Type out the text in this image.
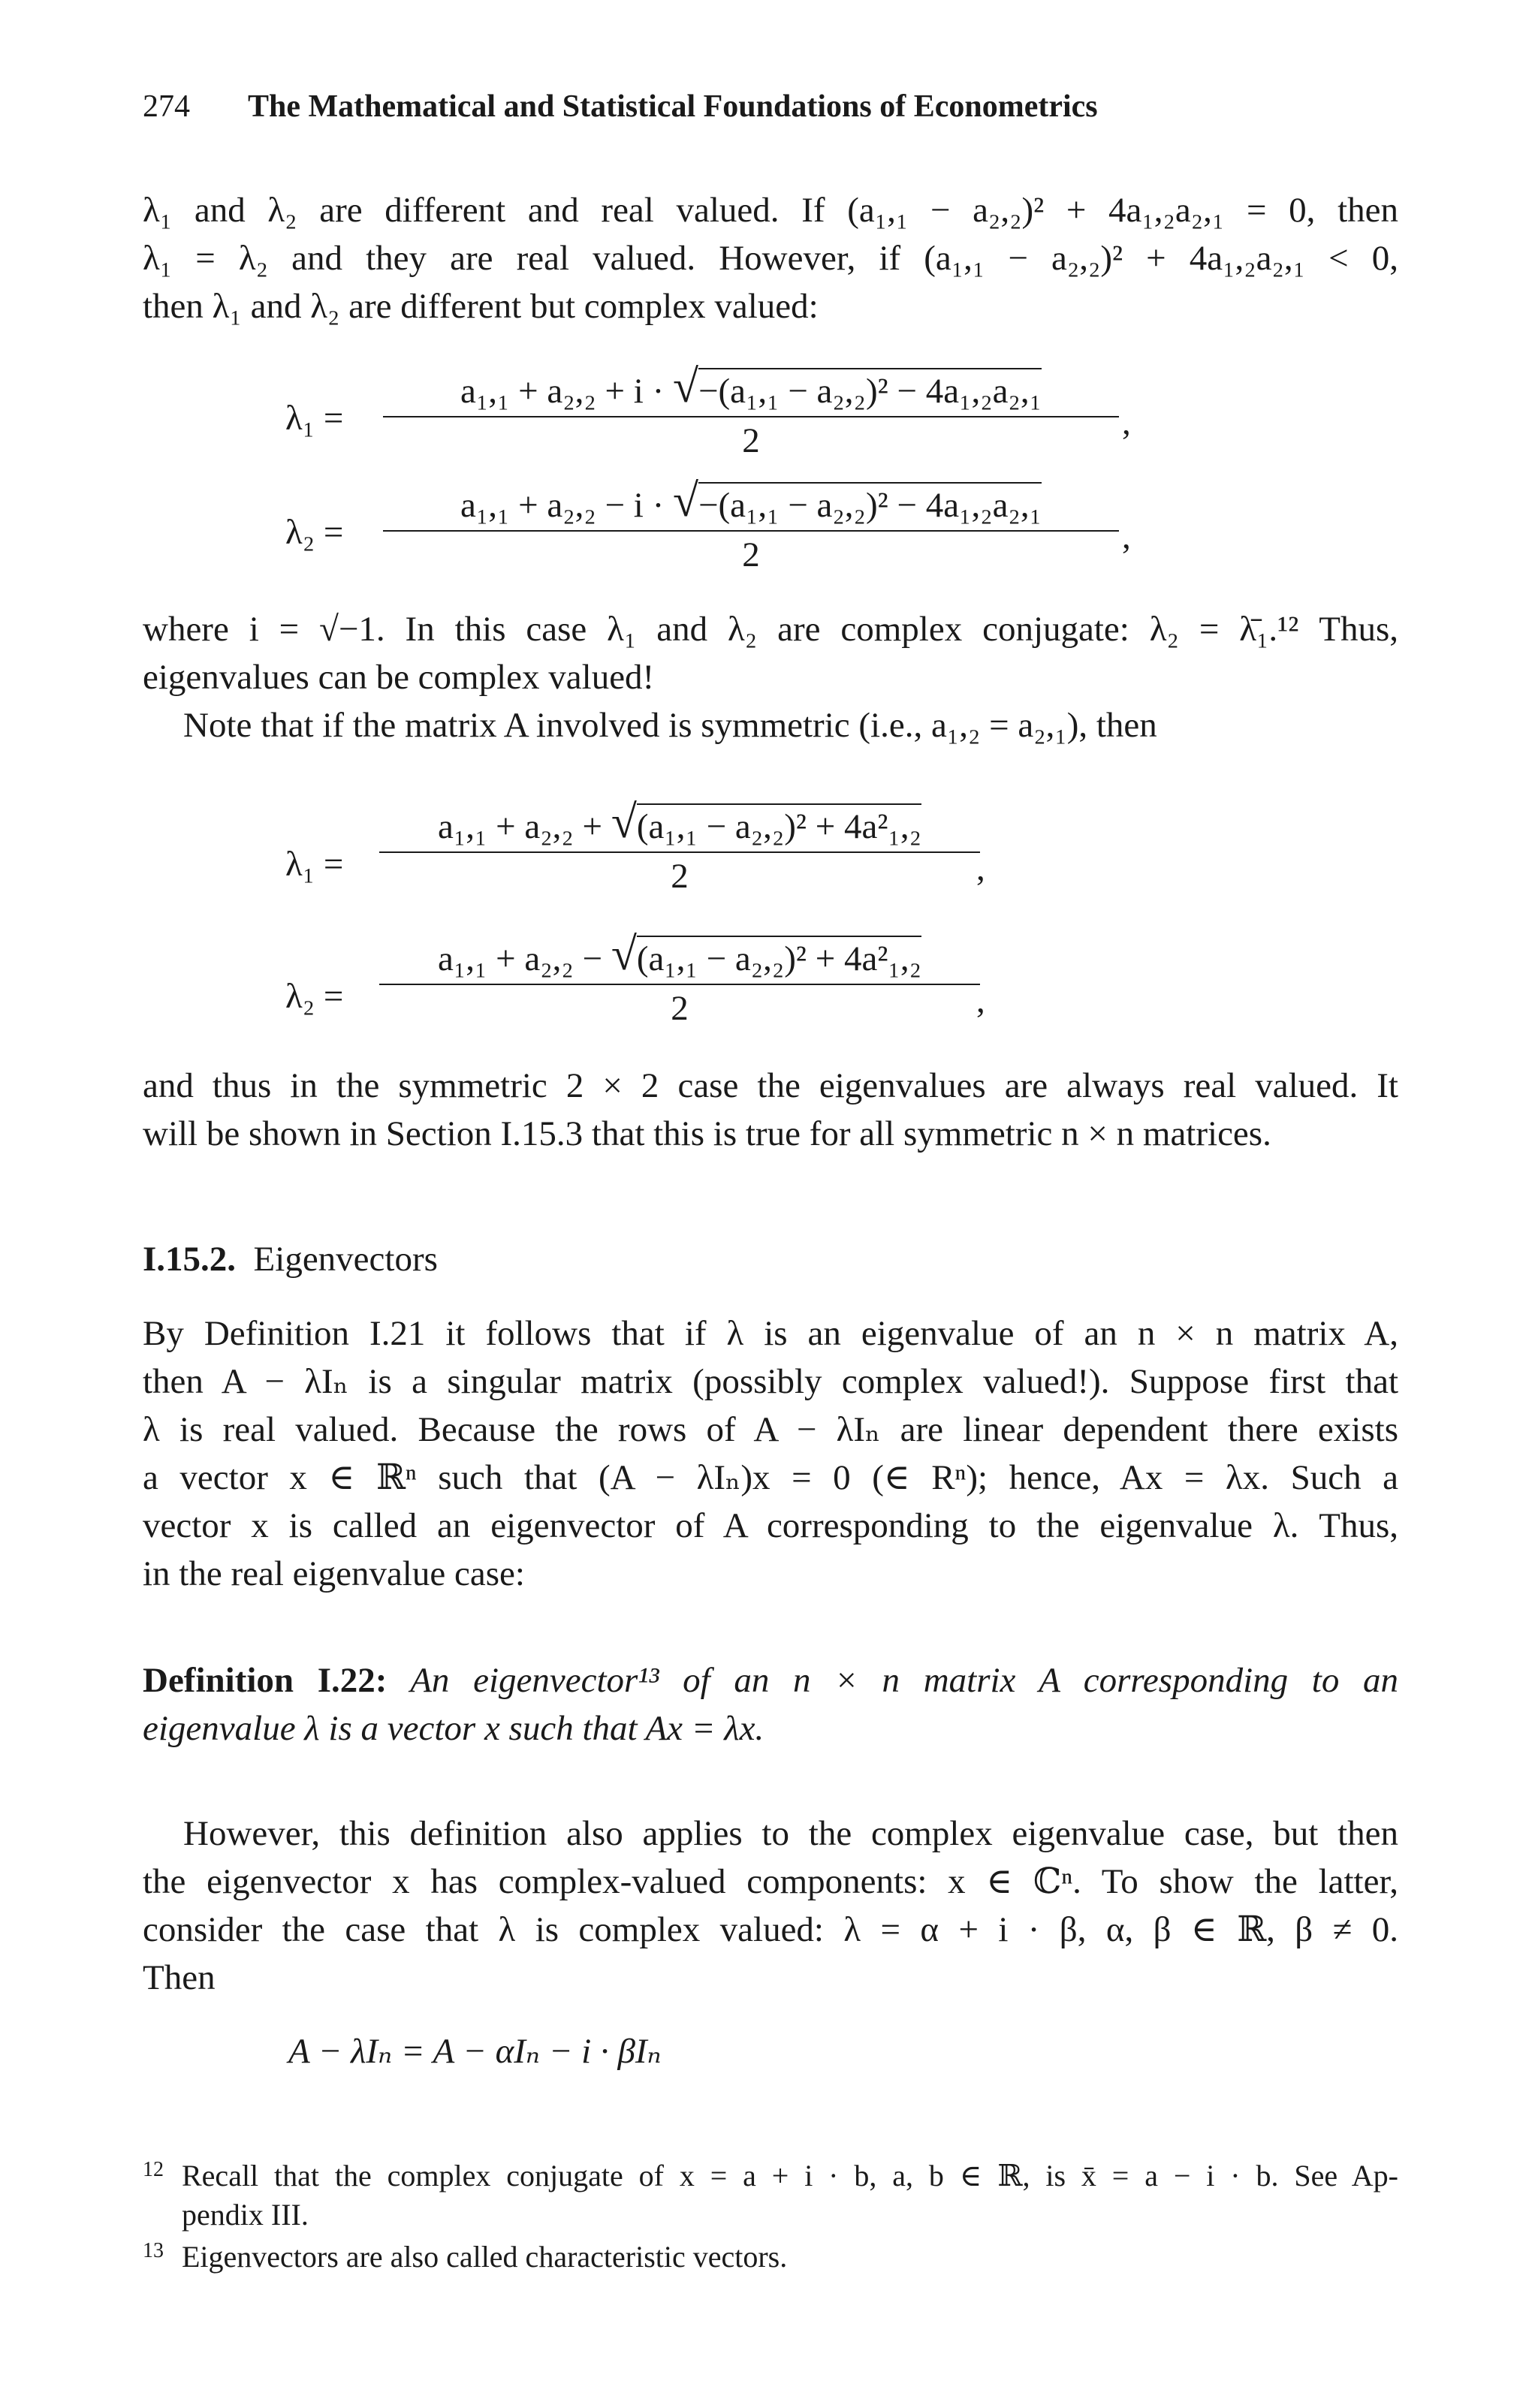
274 The Mathematical and Statistical Foundations of Econometrics
λ₁ and λ₂ are different and real valued. If (a₁,₁ − a₂,₂)² + 4a₁,₂a₂,₁ = 0, then
λ₁ = λ₂ and they are real valued. However, if (a₁,₁ − a₂,₂)² + 4a₁,₂a₂,₁ < 0,
then λ₁ and λ₂ are different but complex valued:
λ₁ =
a₁,₁ + a₂,₂ + i · √ −(a₁,₁ − a₂,₂)² − 4a₁,₂a₂,₁
2	,
λ₂ =
a₁,₁ + a₂,₂ − i · √ −(a₁,₁ − a₂,₂)² − 4a₁,₂a₂,₁
2	,
where i = √−1. In this case λ₁ and λ₂ are complex conjugate: λ₂ = λ̄₁.¹² Thus,
eigenvalues can be complex valued!
Note that if the matrix A involved is symmetric (i.e., a₁,₂ = a₂,₁), then
λ₁ =
a₁,₁ + a₂,₂ + √ (a₁,₁ − a₂,₂)² + 4a²₁,₂
2	,
λ₂ =
a₁,₁ + a₂,₂ − √ (a₁,₁ − a₂,₂)² + 4a²₁,₂
2	,
and thus in the symmetric 2 × 2 case the eigenvalues are always real valued. It
will be shown in Section I.15.3 that this is true for all symmetric n × n matrices.
I.15.2. Eigenvectors
By Definition I.21 it follows that if λ is an eigenvalue of an n × n matrix A,
then A − λIₙ is a singular matrix (possibly complex valued!). Suppose first that
λ is real valued. Because the rows of A − λIₙ are linear dependent there exists
a vector x ∈ ℝⁿ such that (A − λIₙ)x = 0 (∈ Rⁿ); hence, Ax = λx. Such a
vector x is called an eigenvector of A corresponding to the eigenvalue λ. Thus,
in the real eigenvalue case:
Definition I.22: An eigenvector¹³ of an n × n matrix A corresponding to an
eigenvalue λ is a vector x such that Ax = λx.
However, this definition also applies to the complex eigenvalue case, but then
the eigenvector x has complex-valued components: x ∈ ℂⁿ. To show the latter,
consider the case that λ is complex valued: λ = α + i · β, α, β ∈ ℝ, β ≠ 0.
Then
A − λIₙ = A − αIₙ − i · βIₙ
12 Recall that the complex conjugate of x = a + i · b, a, b ∈ ℝ, is x̄ = a − i · b. See Ap-
pendix III.
13 Eigenvectors are also called characteristic vectors.
